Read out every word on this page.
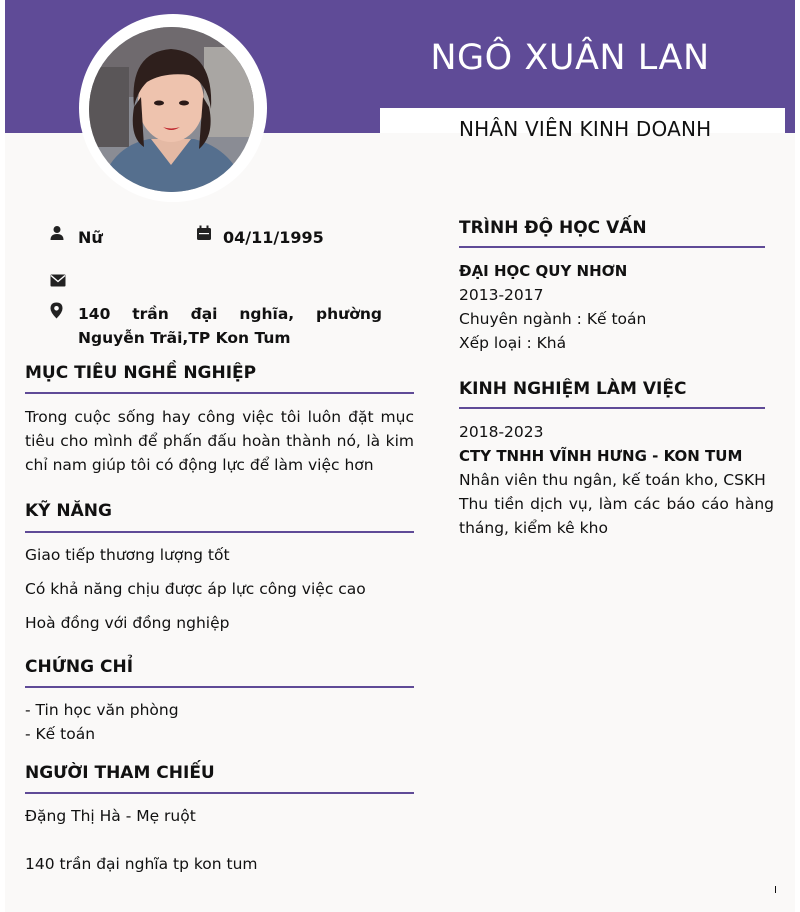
NGÔ XUÂN LAN
NHÂN VIÊN KINH DOANH
Nữ	04/11/1995
140 trần đại nghĩa, phường Nguyễn Trãi,TP Kon Tum
MỤC TIÊU NGHỀ NGHIỆP
Trong cuộc sống hay công việc tôi luôn đặt mục tiêu cho mình để phấn đấu hoàn thành nó, là kim chỉ nam giúp tôi có động lực để làm việc hơn
KỸ NĂNG
Giao tiếp thương lượng tốt
Có khả năng chịu được áp lực công việc cao
Hoà đồng với đồng nghiệp
CHỨNG CHỈ
- Tin học văn phòng
- Kế toán
NGƯỜI THAM CHIẾU
Đặng Thị Hà - Mẹ ruột
140 trần đại nghĩa tp kon tum
TRÌNH ĐỘ HỌC VẤN
ĐẠI HỌC QUY NHƠN
2013-2017
Chuyên ngành : Kế toán
Xếp loại : Khá
KINH NGHIỆM LÀM VIỆC
2018-2023
CTY TNHH VĨNH HƯNG - KON TUM
Nhân viên thu ngân, kế toán kho, CSKH
Thu tiền dịch vụ, làm các báo cáo hàng tháng, kiểm kê kho
